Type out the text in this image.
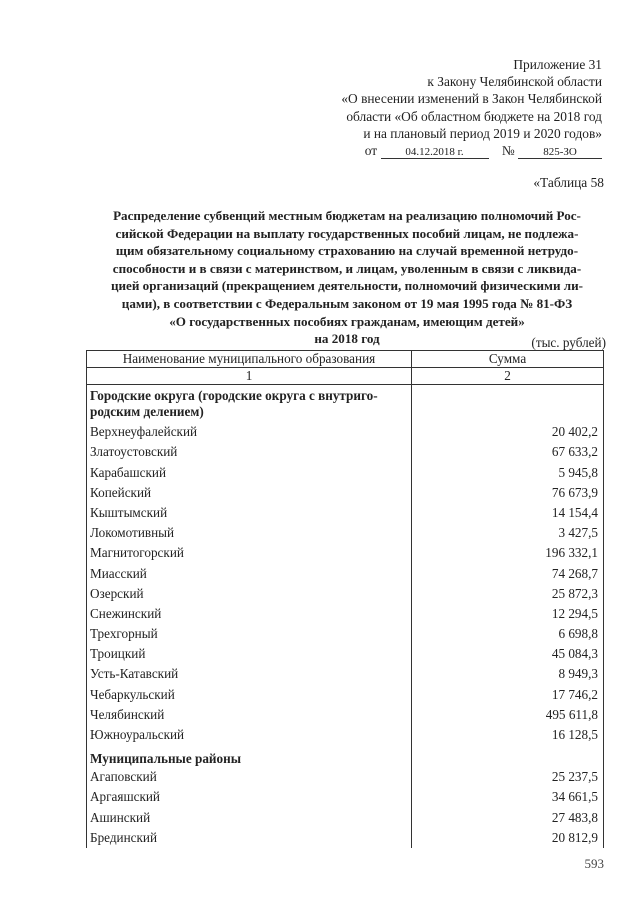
Приложение 31
к Закону Челябинской области
«О внесении изменений в Закон Челябинской
области «Об областном бюджете на 2018 год
и на плановый период 2019 и 2020 годов»
от	04.12.2018 г.	№	825-ЗО
«Таблица 58
Распределение субвенций местным бюджетам на реализацию полномочий Рос-
сийской Федерации на выплату государственных пособий лицам, не подлежа-
щим обязательному социальному страхованию на случай временной нетрудо-
способности и в связи с материнством, и лицам, уволенным в связи с ликвида-
цией организаций (прекращением деятельности, полномочий физическими ли-
цами), в соответствии с Федеральным законом от 19 мая 1995 года № 81-ФЗ
«О государственных пособиях гражданам, имеющим детей»
на 2018 год	(тыс. рублей)
Наименование муниципального образования	Сумма
1	2
Городские округа (городские округа с внутриго-
родским делением)	
Верхнеуфалейский	20 402,2
Златоустовский	67 633,2
Карабашский	5 945,8
Копейский	76 673,9
Кыштымский	14 154,4
Локомотивный	3 427,5
Магнитогорский	196 332,1
Миасский	74 268,7
Озерский	25 872,3
Снежинский	12 294,5
Трехгорный	6 698,8
Троицкий	45 084,3
Усть-Катавский	8 949,3
Чебаркульский	17 746,2
Челябинский	495 611,8
Южноуральский	16 128,5
Муниципальные районы	
Агаповский	25 237,5
Аргаяшский	34 661,5
Ашинский	27 483,8
Брединский	20 812,9
593
